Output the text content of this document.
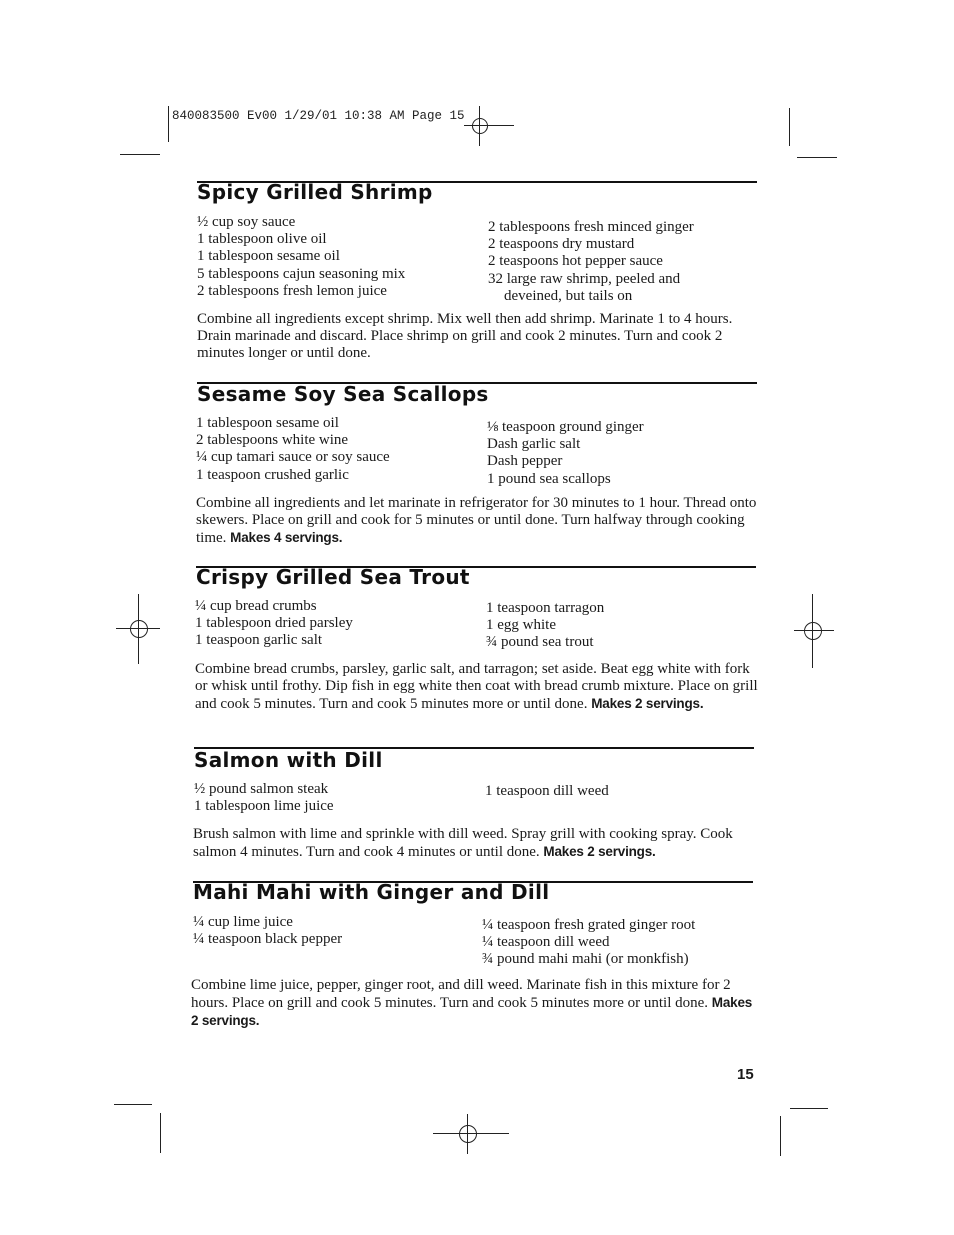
840083500 Ev00 1/29/01 10:38 AM Page 15
Spicy Grilled Shrimp
½ cup soy sauce
1 tablespoon olive oil
1 tablespoon sesame oil
5 tablespoons cajun seasoning mix
2 tablespoons fresh lemon juice
2 tablespoons fresh minced ginger
2 teaspoons dry mustard
2 teaspoons hot pepper sauce
32 large raw shrimp, peeled and
deveined, but tails on

Combine all ingredients except shrimp. Mix well then add shrimp. Marinate 1 to 4 hours. Drain marinade and discard. Place shrimp on grill and cook 2 minutes. Turn and cook 2 minutes longer or until done.

Sesame Soy Sea Scallops
1 tablespoon sesame oil
2 tablespoons white wine
¼ cup tamari sauce or soy sauce
1 teaspoon crushed garlic
⅛ teaspoon ground ginger
Dash garlic salt
Dash pepper
1 pound sea scallops

Combine all ingredients and let marinate in refrigerator for 30 minutes to 1 hour. Thread onto skewers. Place on grill and cook for 5 minutes or until done. Turn halfway through cooking time. Makes 4 servings.

Crispy Grilled Sea Trout
¼ cup bread crumbs
1 tablespoon dried parsley
1 teaspoon garlic salt
1 teaspoon tarragon
1 egg white
¾ pound sea trout

Combine bread crumbs, parsley, garlic salt, and tarragon; set aside. Beat egg white with fork or whisk until frothy. Dip fish in egg white then coat with bread crumb mixture. Place on grill and cook 5 minutes. Turn and cook 5 minutes more or until done. Makes 2 servings.

Salmon with Dill
½ pound salmon steak
1 tablespoon lime juice
1 teaspoon dill weed

Brush salmon with lime and sprinkle with dill weed. Spray grill with cooking spray. Cook salmon 4 minutes. Turn and cook 4 minutes or until done. Makes 2 servings.

Mahi Mahi with Ginger and Dill
¼ cup lime juice
¼ teaspoon black pepper
¼ teaspoon fresh grated ginger root
¼ teaspoon dill weed
¾ pound mahi mahi (or monkfish)

Combine lime juice, pepper, ginger root, and dill weed. Marinate fish in this mixture for 2 hours. Place on grill and cook 5 minutes. Turn and cook 5 minutes more or until done. Makes 2 servings.

15
